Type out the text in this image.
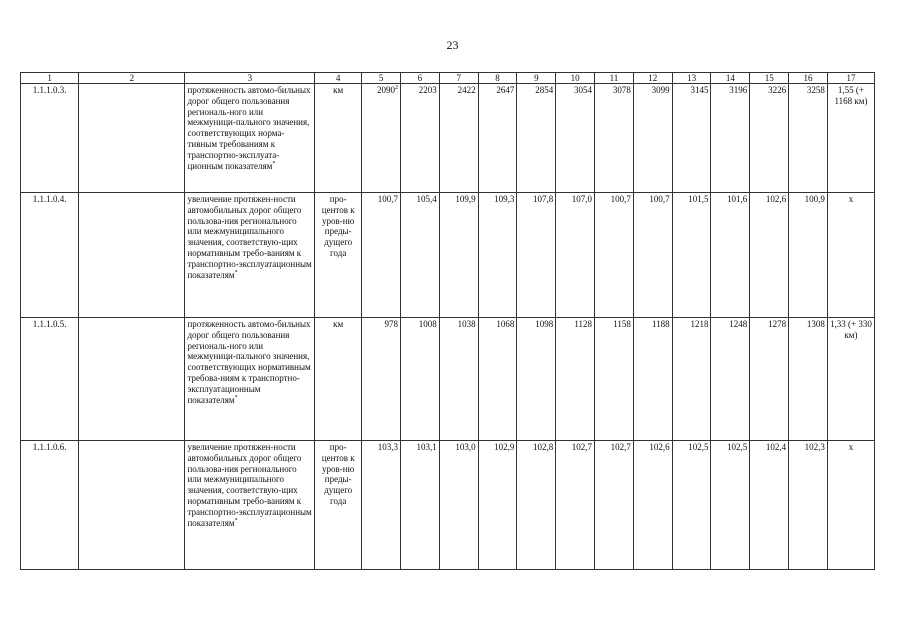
23
1	2	3	4	5	6	7	8	9	10	11	12	13	14	15	16	17
1.1.1.0.3.		протяженность автомо-бильных дорог общего пользования региональ-ного или межмуници-пального значения, соответствующих норма-тивным требованиям к транспортно-эксплуата-ционным показателям*	км	2090$^2$	2203	2422	2647	2854	3054	3078	3099	3145	3196	3226	3258	1,55 (+ 1168 км)
1.1.1.0.4.		увеличение протяжен-ности автомобильных дорог общего пользова-ния регионального или межмуниципального значения, соответствую-щих нормативным требо-ваниям к транспортно-эксплуатационным показателям*	про-центов к уров-ню преды-дущего года	100,7	105,4	109,9	109,3	107,8	107,0	100,7	100,7	101,5	101,6	102,6	100,9	х
1.1.1.0.5.		протяженность автомо-бильных дорог общего пользования региональ-ного или межмуници-пального значения, соответствующих нормативным требова-ниям к транспортно-эксплуатационным показателям*	км	978	1008	1038	1068	1098	1128	1158	1188	1218	1248	1278	1308	1,33 (+ 330 км)
1.1.1.0.6.		увеличение протяжен-ности автомобильных дорог общего пользова-ния регионального или межмуниципального значения, соответствую-щих нормативным требо-ваниям к транспортно-эксплуатационным показателям*	про-центов к уров-ню преды-дущего года	103,3	103,1	103,0	102,9	102,8	102,7	102,7	102,6	102,5	102,5	102,4	102,3	х
